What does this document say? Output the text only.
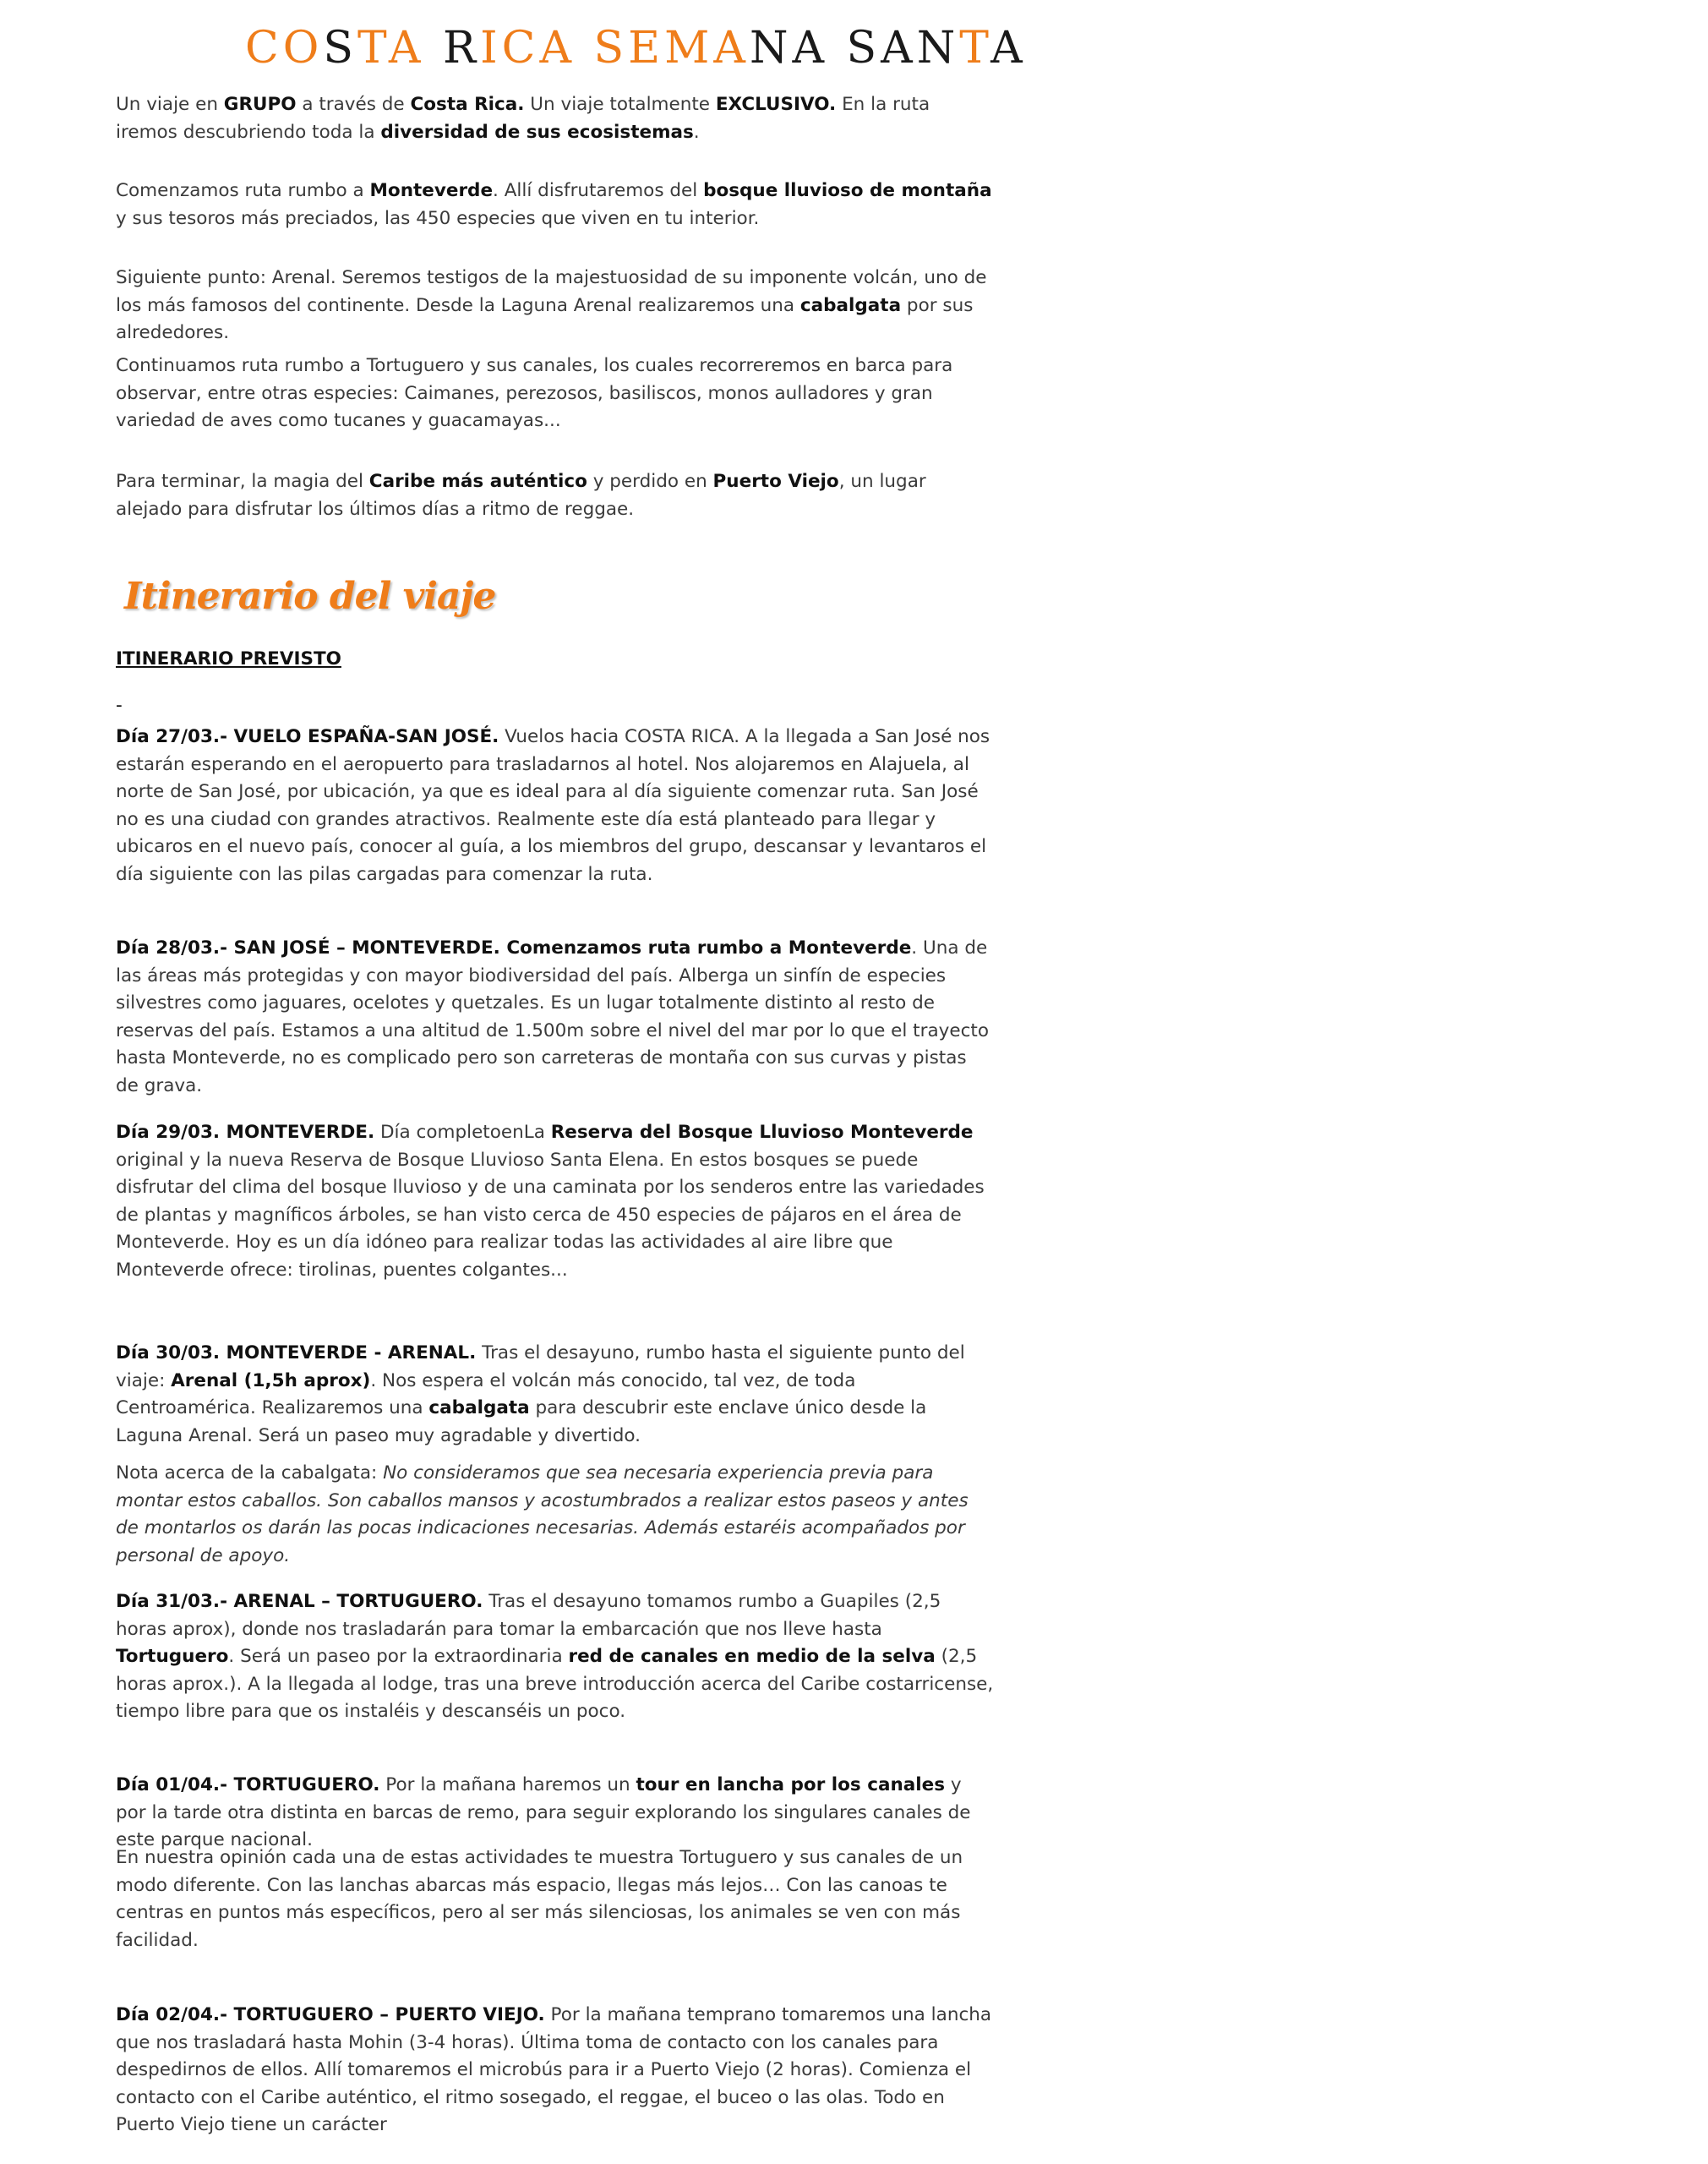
COSTA RICA SEMANA SANTA

Un viaje en GRUPO a través de Costa Rica. Un viaje totalmente EXCLUSIVO. En la ruta iremos descubriendo toda la diversidad de sus ecosistemas.

Comenzamos ruta rumbo a Monteverde. Allí disfrutaremos del bosque lluvioso de montaña y sus tesoros más preciados, las 450 especies que viven en tu interior.

Siguiente punto: Arenal. Seremos testigos de la majestuosidad de su imponente volcán, uno de los más famosos del continente. Desde la Laguna Arenal realizaremos una cabalgata por sus alrededores.

Continuamos ruta rumbo a Tortuguero y sus canales, los cuales recorreremos en barca para observar, entre otras especies: Caimanes, perezosos, basiliscos, monos aulladores y gran variedad de aves como tucanes y guacamayas...

Para terminar, la magia del Caribe más auténtico y perdido en Puerto Viejo, un lugar alejado para disfrutar los últimos días a ritmo de reggae.

Itinerario del viaje
ITINERARIO PREVISTO
-

Día 27/03.- VUELO ESPAÑA-SAN JOSÉ. Vuelos hacia COSTA RICA. A la llegada a San José nos estarán esperando en el aeropuerto para trasladarnos al hotel. Nos alojaremos en Alajuela, al norte de San José, por ubicación, ya que es ideal para al día siguiente comenzar ruta. San José no es una ciudad con grandes atractivos. Realmente este día está planteado para llegar y ubicaros en el nuevo país, conocer al guía, a los miembros del grupo, descansar y levantaros el día siguiente con las pilas cargadas para comenzar la ruta.

Día 28/03.- SAN JOSÉ – MONTEVERDE. Comenzamos ruta rumbo a Monteverde. Una de las áreas más protegidas y con mayor biodiversidad del país. Alberga un sinfín de especies silvestres como jaguares, ocelotes y quetzales. Es un lugar totalmente distinto al resto de reservas del país. Estamos a una altitud de 1.500m sobre el nivel del mar por lo que el trayecto hasta Monteverde, no es complicado pero son carreteras de montaña con sus curvas y pistas de grava.

Día 29/03. MONTEVERDE. Día completoenLa Reserva del Bosque Lluvioso Monteverde original y la nueva Reserva de Bosque Lluvioso Santa Elena. En estos bosques se puede disfrutar del clima del bosque lluvioso y de una caminata por los senderos entre las variedades de plantas y magníficos árboles, se han visto cerca de 450 especies de pájaros en el área de Monteverde. Hoy es un día idóneo para realizar todas las actividades al aire libre que Monteverde ofrece: tirolinas, puentes colgantes...

Día 30/03. MONTEVERDE - ARENAL. Tras el desayuno, rumbo hasta el siguiente punto del viaje: Arenal (1,5h aprox). Nos espera el volcán más conocido, tal vez, de toda Centroamérica. Realizaremos una cabalgata para descubrir este enclave único desde la Laguna Arenal. Será un paseo muy agradable y divertido.

Nota acerca de la cabalgata: No consideramos que sea necesaria experiencia previa para montar estos caballos. Son caballos mansos y acostumbrados a realizar estos paseos y antes de montarlos os darán las pocas indicaciones necesarias. Además estaréis acompañados por personal de apoyo.

Día 31/03.- ARENAL – TORTUGUERO. Tras el desayuno tomamos rumbo a Guapiles (2,5 horas aprox), donde nos trasladarán para tomar la embarcación que nos lleve hasta Tortuguero. Será un paseo por la extraordinaria red de canales en medio de la selva (2,5 horas aprox.). A la llegada al lodge, tras una breve introducción acerca del Caribe costarricense, tiempo libre para que os instaléis y descanséis un poco.

Día 01/04.- TORTUGUERO. Por la mañana haremos un tour en lancha por los canales y por la tarde otra distinta en barcas de remo, para seguir explorando los singulares canales de este parque nacional.

En nuestra opinión cada una de estas actividades te muestra Tortuguero y sus canales de un modo diferente. Con las lanchas abarcas más espacio, llegas más lejos… Con las canoas te centras en puntos más específicos, pero al ser más silenciosas, los animales se ven con más facilidad.

Día 02/04.- TORTUGUERO – PUERTO VIEJO. Por la mañana temprano tomaremos una lancha que nos trasladará hasta Mohin (3-4 horas). Última toma de contacto con los canales para despedirnos de ellos. Allí tomaremos el microbús para ir a Puerto Viejo (2 horas). Comienza el contacto con el Caribe auténtico, el ritmo sosegado, el reggae, el buceo o las olas. Todo en Puerto Viejo tiene un carácter
